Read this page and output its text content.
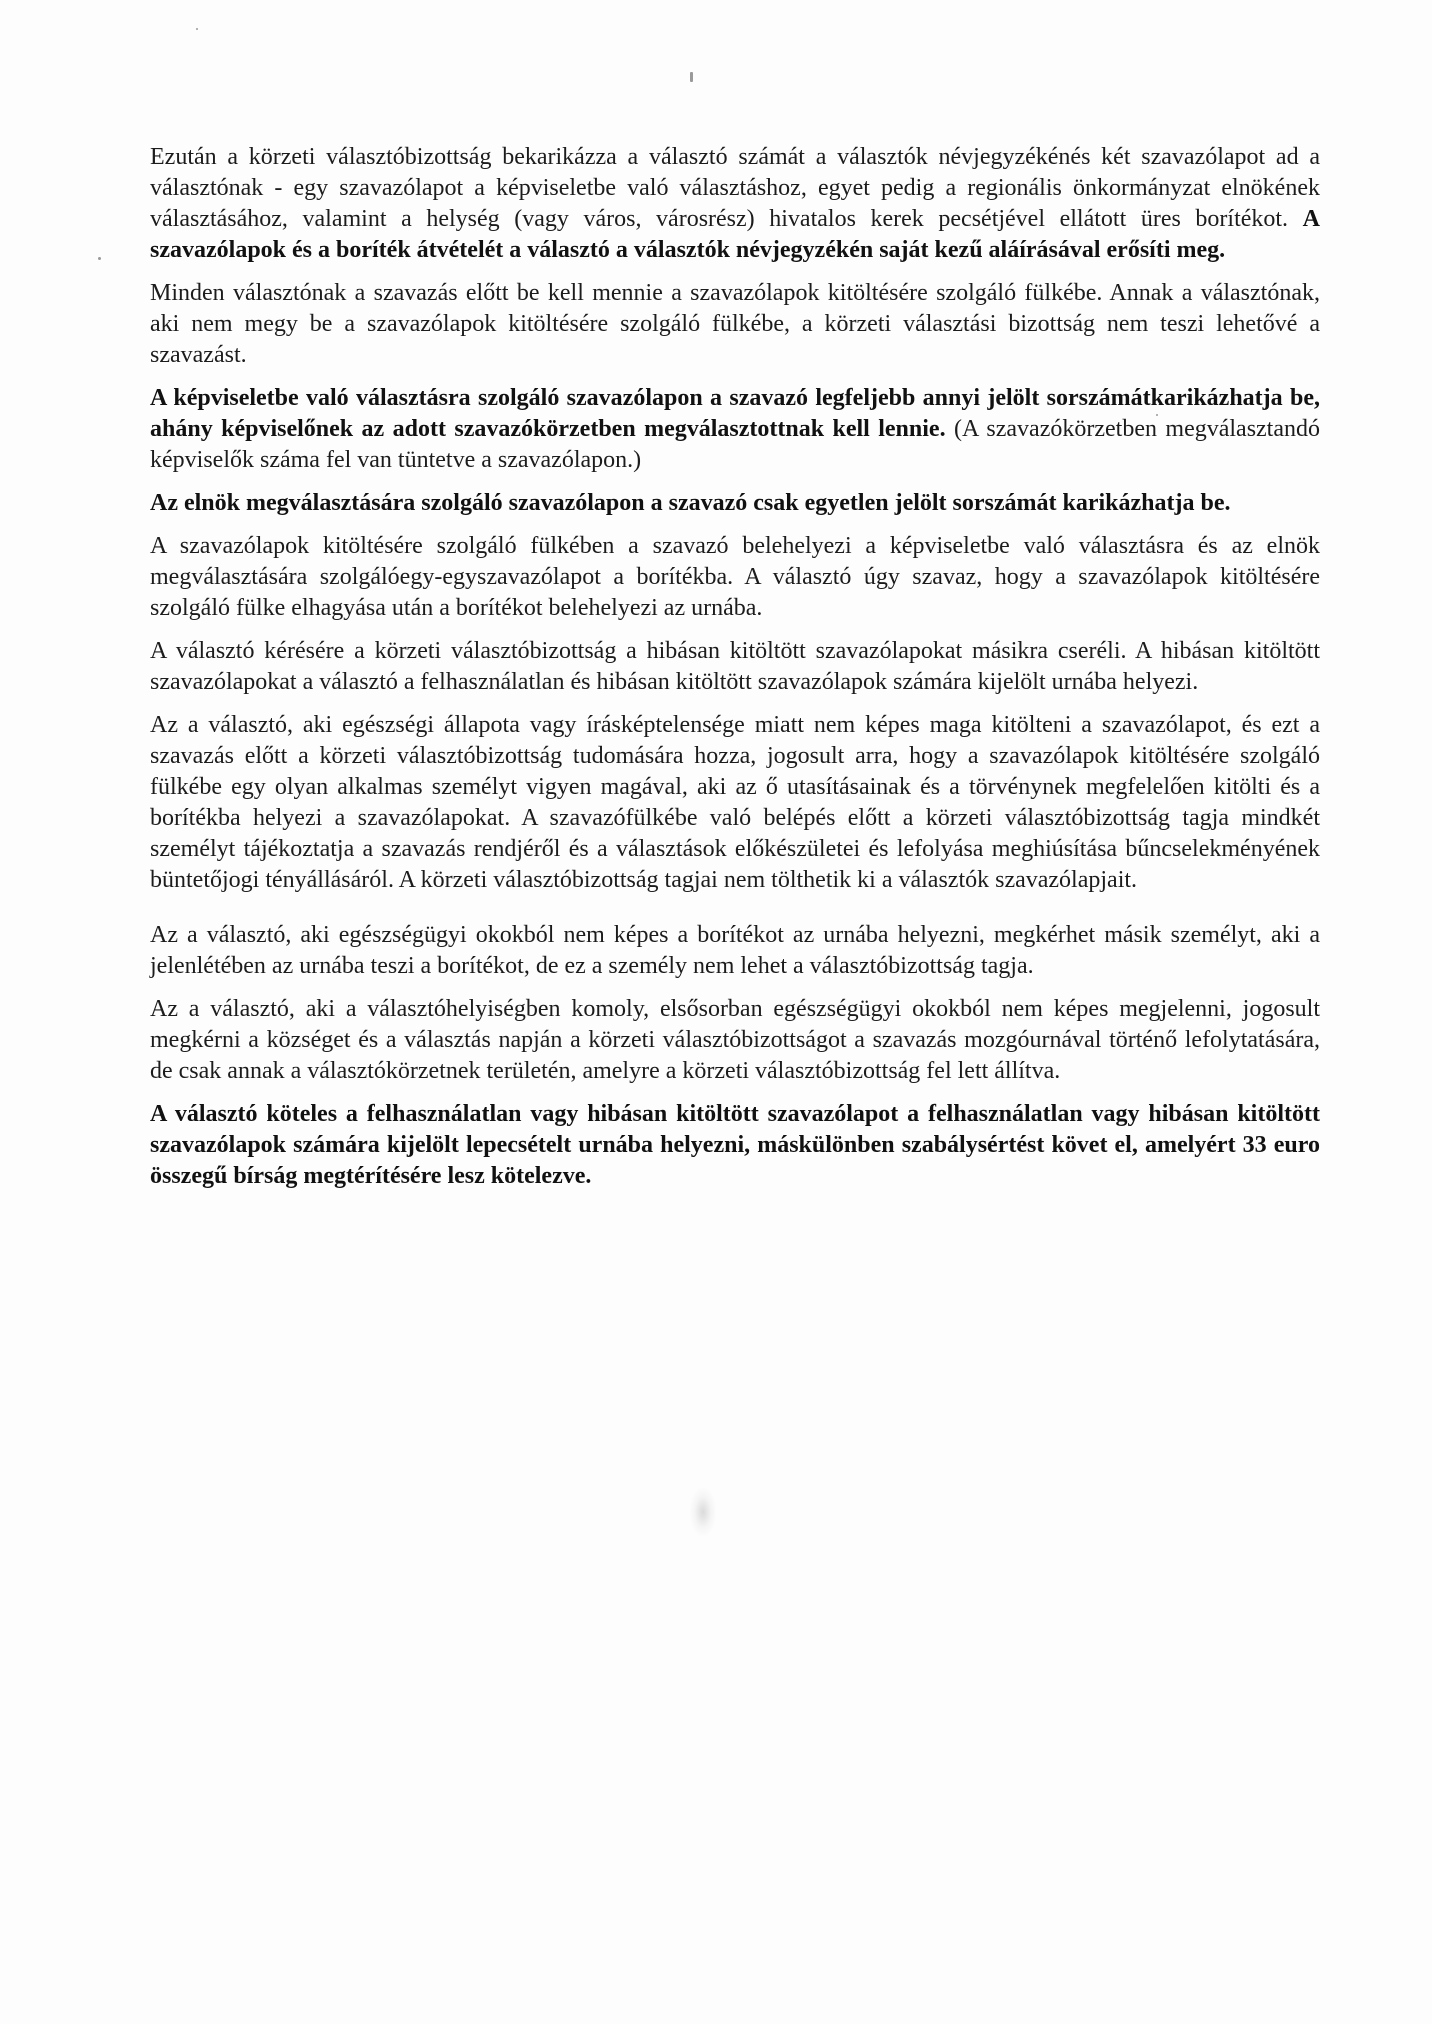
Ezután a körzeti választóbizottság bekarikázza a választó számát a választók névjegyzékénés két szavazólapot ad a választónak - egy szavazólapot a képviseletbe való választáshoz, egyet pedig a regionális önkormányzat elnökének választásához, valamint a helység (vagy város, városrész) hivatalos kerek pecsétjével ellátott üres borítékot. A szavazólapok és a boríték átvételét a választó a választók névjegyzékén saját kezű aláírásával erősíti meg.

Minden választónak a szavazás előtt be kell mennie a szavazólapok kitöltésére szolgáló fülkébe. Annak a választónak, aki nem megy be a szavazólapok kitöltésére szolgáló fülkébe, a körzeti választási bizottság nem teszi lehetővé a szavazást.

A képviseletbe való választásra szolgáló szavazólapon a szavazó legfeljebb annyi jelölt sorszámátkarikázhatja be, ahány képviselőnek az adott szavazókörzetben megválasztottnak kell lennie. (A szavazókörzetben megválasztandó képviselők száma fel van tüntetve a szavazólapon.)

Az elnök megválasztására szolgáló szavazólapon a szavazó csak egyetlen jelölt sorszámát karikázhatja be.

A szavazólapok kitöltésére szolgáló fülkében a szavazó belehelyezi a képviseletbe való választásra és az elnök megválasztására szolgálóegy-egyszavazólapot a borítékba. A választó úgy szavaz, hogy a szavazólapok kitöltésére szolgáló fülke elhagyása után a borítékot belehelyezi az urnába.

A választó kérésére a körzeti választóbizottság a hibásan kitöltött szavazólapokat másikra cseréli. A hibásan kitöltött szavazólapokat a választó a felhasználatlan és hibásan kitöltött szavazólapok számára kijelölt urnába helyezi.

Az a választó, aki egészségi állapota vagy írásképtelensége miatt nem képes maga kitölteni a szavazólapot, és ezt a szavazás előtt a körzeti választóbizottság tudomására hozza, jogosult arra, hogy a szavazólapok kitöltésére szolgáló fülkébe egy olyan alkalmas személyt vigyen magával, aki az ő utasításainak és a törvénynek megfelelően kitölti és a borítékba helyezi a szavazólapokat. A szavazófülkébe való belépés előtt a körzeti választóbizottság tagja mindkét személyt tájékoztatja a szavazás rendjéről és a választások előkészületei és lefolyása meghiúsítása bűncselekményének büntetőjogi tényállásáról. A körzeti választóbizottság tagjai nem tölthetik ki a választók szavazólapjait.

Az a választó, aki egészségügyi okokból nem képes a borítékot az urnába helyezni, megkérhet másik személyt, aki a jelenlétében az urnába teszi a borítékot, de ez a személy nem lehet a választóbizottság tagja.

Az a választó, aki a választóhelyiségben komoly, elsősorban egészségügyi okokból nem képes megjelenni, jogosult megkérni a községet és a választás napján a körzeti választóbizottságot a szavazás mozgóurnával történő lefolytatására, de csak annak a választókörzetnek területén, amelyre a körzeti választóbizottság fel lett állítva.

A választó köteles a felhasználatlan vagy hibásan kitöltött szavazólapot a felhasználatlan vagy hibásan kitöltött szavazólapok számára kijelölt lepecsételt urnába helyezni, máskülönben szabálysértést követ el, amelyért 33 euro összegű bírság megtérítésére lesz kötelezve.
